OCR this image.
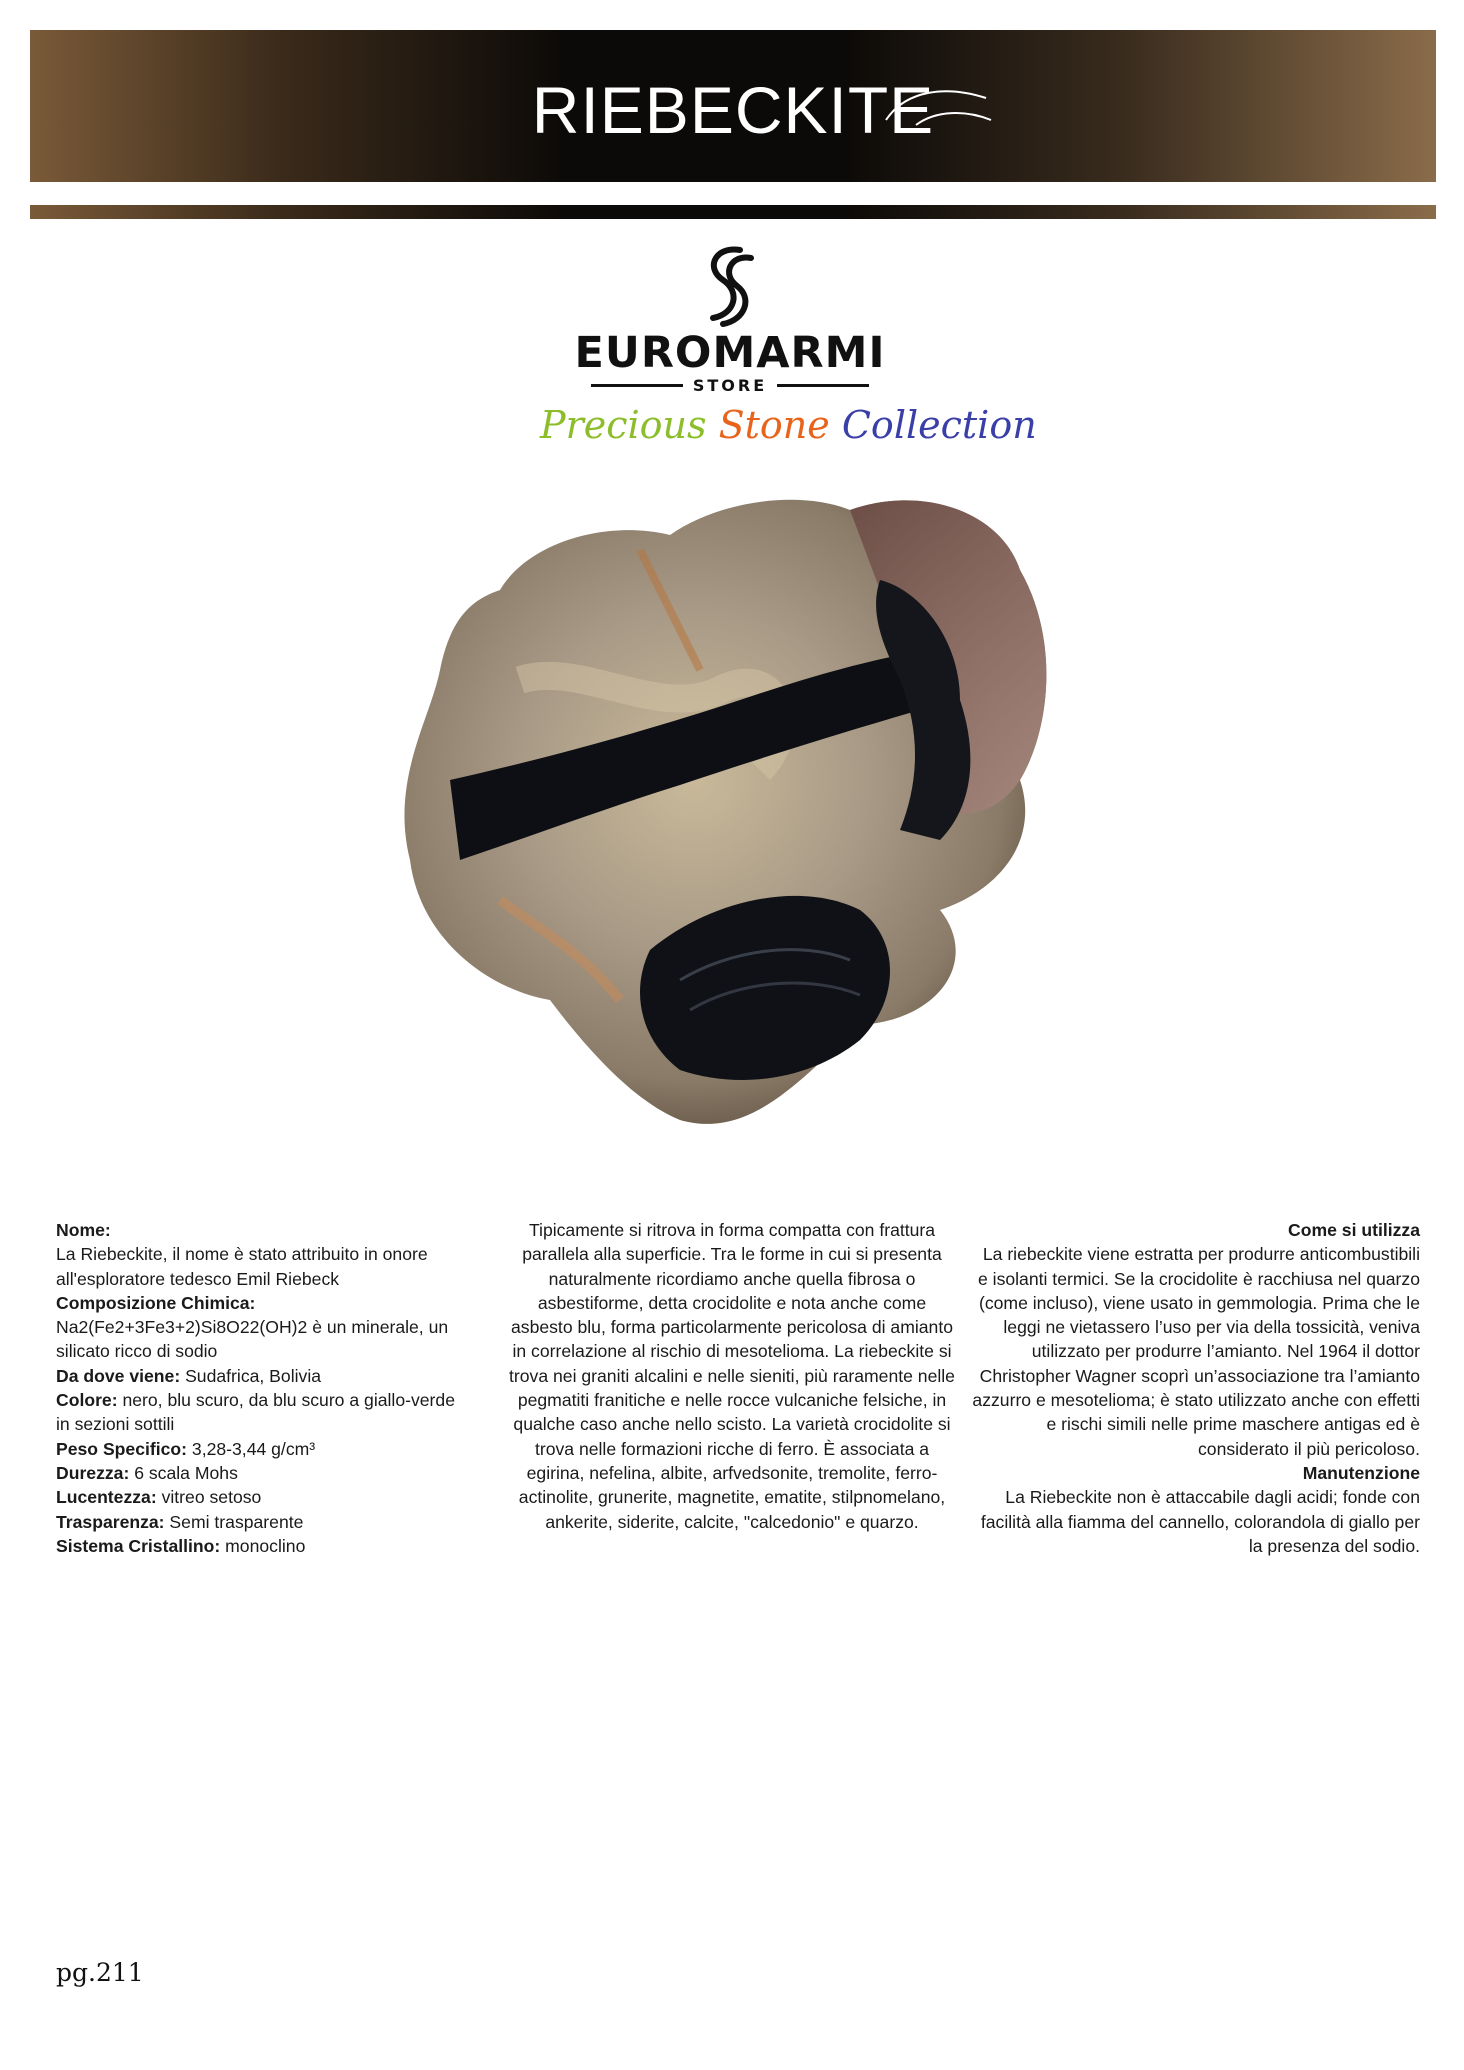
RIEBECKITE
EUROMARMI
STORE
Precious Stone Collection

Nome:

La Riebeckite, il nome è stato attribuito in onore all'esploratore tedesco Emil Riebeck

Composizione Chimica:

Na2(Fe2+3Fe3+2)Si8O22(OH)2 è un minerale, un silicato ricco di sodio

Da dove viene: Sudafrica, Bolivia

Colore: nero, blu scuro, da blu scuro a giallo-verde in sezioni sottili

Peso Specifico: 3,28-3,44 g/cm³

Durezza: 6 scala Mohs

Lucentezza: vitreo setoso

Trasparenza: Semi trasparente

Sistema Cristallino: monoclino

Tipicamente si ritrova in forma compatta con frattura parallela alla superficie. Tra le forme in cui si presenta naturalmente ricordiamo anche quella fibrosa o asbestiforme, detta crocidolite e nota anche come asbesto blu, forma particolarmente pericolosa di amianto in correlazione al rischio di mesotelioma. La riebeckite si trova nei graniti alcalini e nelle sieniti, più raramente nelle pegmatiti franitiche e nelle rocce vulcaniche felsiche, in qualche caso anche nello scisto. La varietà crocidolite si trova nelle formazioni ricche di ferro. È associata a egirina, nefelina, albite, arfvedsonite, tremolite, ferro-actinolite, grunerite, magnetite, ematite, stilpnomelano, ankerite, siderite, calcite, "calcedonio" e quarzo.

Come si utilizza

La riebeckite viene estratta per produrre anticombustibili e isolanti termici. Se la crocidolite è racchiusa nel quarzo (come incluso), viene usato in gemmologia. Prima che le leggi ne vietassero l’uso per via della tossicità, veniva utilizzato per produrre l’amianto. Nel 1964 il dottor Christopher Wagner scoprì un’associazione tra l’amianto azzurro e mesotelioma; è stato utilizzato anche con effetti e rischi simili nelle prime maschere antigas ed è considerato il più pericoloso.

Manutenzione

La Riebeckite non è attaccabile dagli acidi; fonde con facilità alla fiamma del cannello, colorandola di giallo per la presenza del sodio.

pg.211
